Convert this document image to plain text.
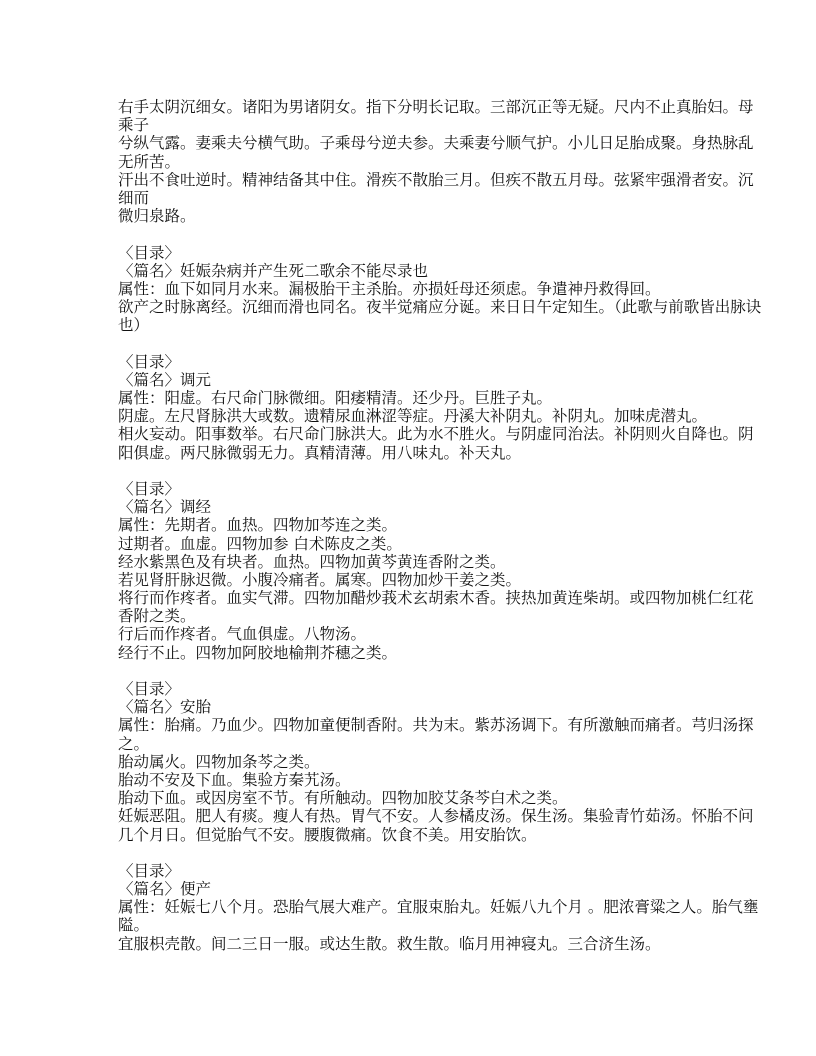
右手太阴沉细女。诸阳为男诸阴女。指下分明长记取。三部沉正等无疑。尺内不止真胎妇。母
乘子
兮纵气露。妻乘夫兮横气助。子乘母兮逆夫参。夫乘妻兮顺气护。小儿日足胎成聚。身热脉乱
无所苦。
汗出不食吐逆时。精神结备其中住。滑疾不散胎三月。但疾不散五月母。弦紧牢强滑者安。沉
细而
微归泉路。
〈目录〉
〈篇名〉妊娠杂病并产生死二歌余不能尽录也
属性：血下如同月水来。漏极胎干主杀胎。亦损妊母还须虑。争遣神丹救得回。
欲产之时脉离经。沉细而滑也同名。夜半觉痛应分诞。来日日午定知生。（此歌与前歌皆出脉诀
也）
〈目录〉
〈篇名〉调元
属性：阳虚。右尺命门脉微细。阳痿精清。还少丹。巨胜子丸。
阴虚。左尺肾脉洪大或数。遗精尿血淋涩等症。丹溪大补阴丸。补阴丸。加味虎潜丸。
相火妄动。阳事数举。右尺命门脉洪大。此为水不胜火。与阴虚同治法。补阴则火自降也。阴
阳俱虚。两尺脉微弱无力。真精清薄。用八味丸。补天丸。
〈目录〉
〈篇名〉调经
属性：先期者。血热。四物加芩连之类。
过期者。血虚。四物加参 白术陈皮之类。
经水紫黑色及有块者。血热。四物加黄芩黄连香附之类。
若见肾肝脉迟微。小腹冷痛者。属寒。四物加炒干姜之类。
将行而作疼者。血实气滞。四物加醋炒莪术玄胡索木香。挟热加黄连柴胡。或四物加桃仁红花
香附之类。
行后而作疼者。气血俱虚。八物汤。
经行不止。四物加阿胶地榆荆芥穗之类。
〈目录〉
〈篇名〉安胎
属性：胎痛。乃血少。四物加童便制香附。共为末。紫苏汤调下。有所激触而痛者。芎归汤探
之。
胎动属火。四物加条芩之类。
胎动不安及下血。集验方秦艽汤。
胎动下血。或因房室不节。有所触动。四物加胶艾条芩白术之类。
妊娠恶阻。肥人有痰。瘦人有热。胃气不安。人参橘皮汤。保生汤。集验青竹茹汤。怀胎不问
几个月日。但觉胎气不安。腰腹微痛。饮食不美。用安胎饮。
〈目录〉
〈篇名〉便产
属性：妊娠七八个月。恐胎气展大难产。宜服束胎丸。妊娠八九个月 。肥浓膏粱之人。胎气壅
隘。
宜服枳壳散。间二三日一服。或达生散。救生散。临月用神寝丸。三合济生汤。
